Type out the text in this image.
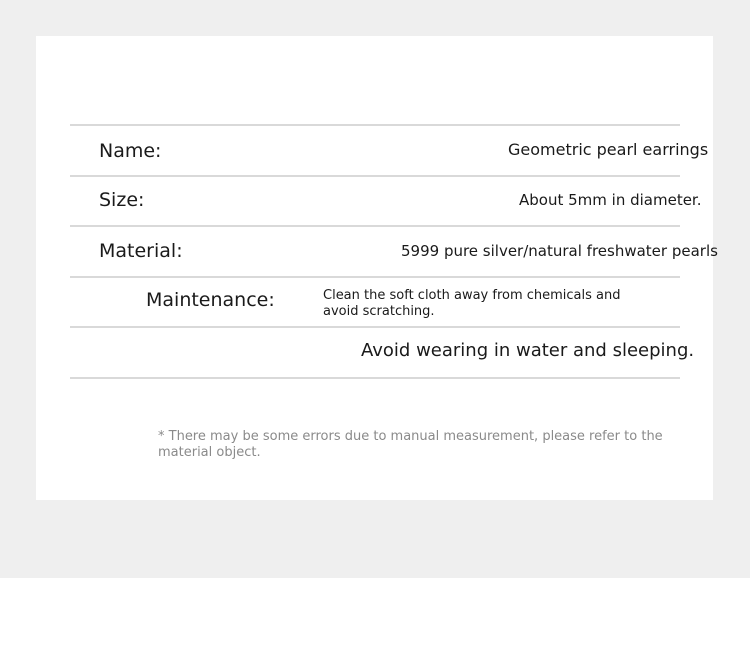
Name:	Geometric pearl earrings
Size:	About 5mm in diameter.
Material:	5999 pure silver/natural freshwater pearls
Maintenance:	Clean the soft cloth away from chemicals and avoid scratching.
Avoid wearing in water and sleeping.
* There may be some errors due to manual measurement, please refer to the material object.
